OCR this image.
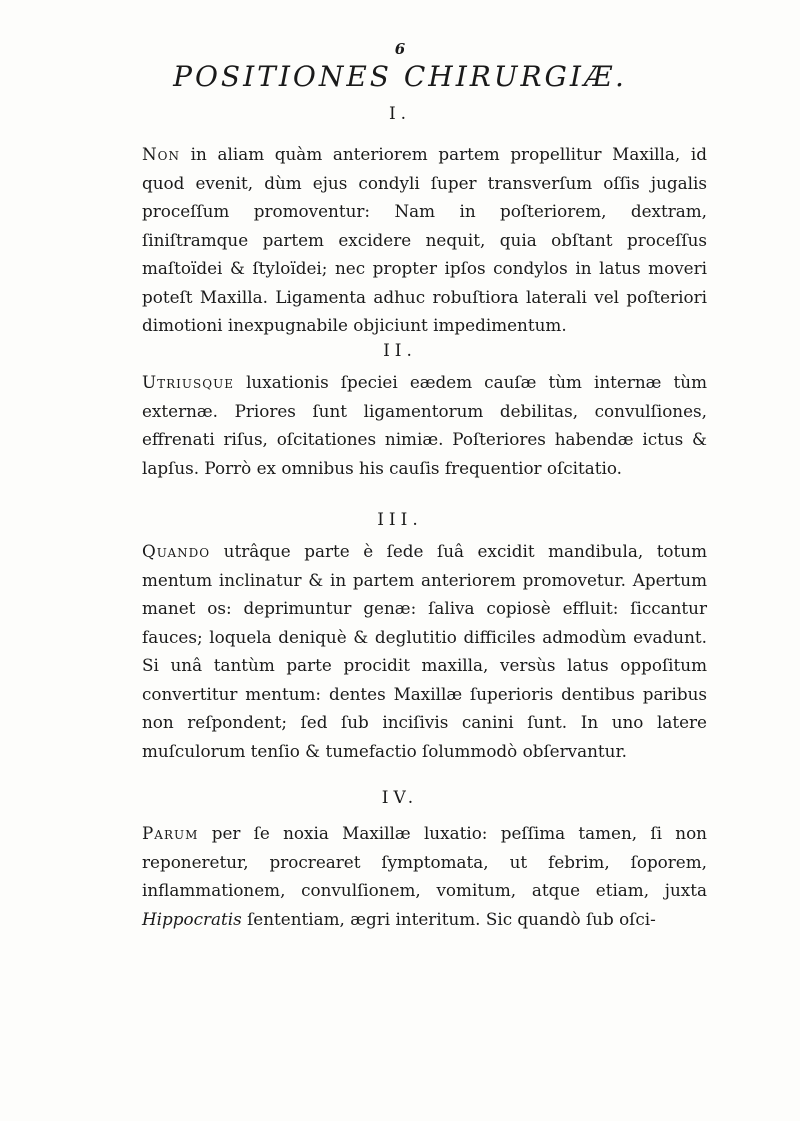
6
POSITIONES CHIRURGIÆ.
I.

Non in aliam quàm anteriorem partem propellitur Maxilla, id quod evenit, dùm ejus condyli ſuper transverſum oſſis jugalis proceſſum promoventur: Nam in poſteriorem, dextram, ſiniſtramque partem excidere nequit, quia obſtant proceſſus maſtoïdei & ſtyloïdei; nec propter ipſos condylos in latus moveri poteſt Maxilla. Ligamenta adhuc robuſtiora laterali vel poſteriori dimotioni inexpugnabile objiciunt impedimentum.

II.

Utriusque luxationis ſpeciei eædem cauſæ tùm internæ tùm externæ. Priores ſunt ligamentorum debilitas, convulſiones, effrenati riſus, oſcitationes nimiæ. Poſteriores habendæ ictus & lapſus. Porrò ex omnibus his cauſis frequentior oſcitatio.

III.

Quando utrâque parte è ſede ſuâ excidit mandibula, totum mentum inclinatur & in partem anteriorem promovetur. Apertum manet os: deprimuntur genæ: ſaliva copiosè effluit: ſiccantur fauces; loquela deniquè & deglutitio difficiles admodùm evadunt. Si unâ tantùm parte procidit maxilla, versùs latus oppoſitum convertitur mentum: dentes Maxillæ ſuperioris dentibus paribus non reſpondent; ſed ſub inciſivis canini ſunt. In uno latere muſculorum tenſio & tumefactio ſolummodò obſervantur.

IV.

Parum per ſe noxia Maxillæ luxatio: peſſima tamen, ſi non reponeretur, procrearet ſymptomata, ut febrim, ſoporem, inflammationem, convulſionem, vomitum, atque etiam, juxta Hippocratis ſententiam, ægri interitum. Sic quandò ſub oſci-
